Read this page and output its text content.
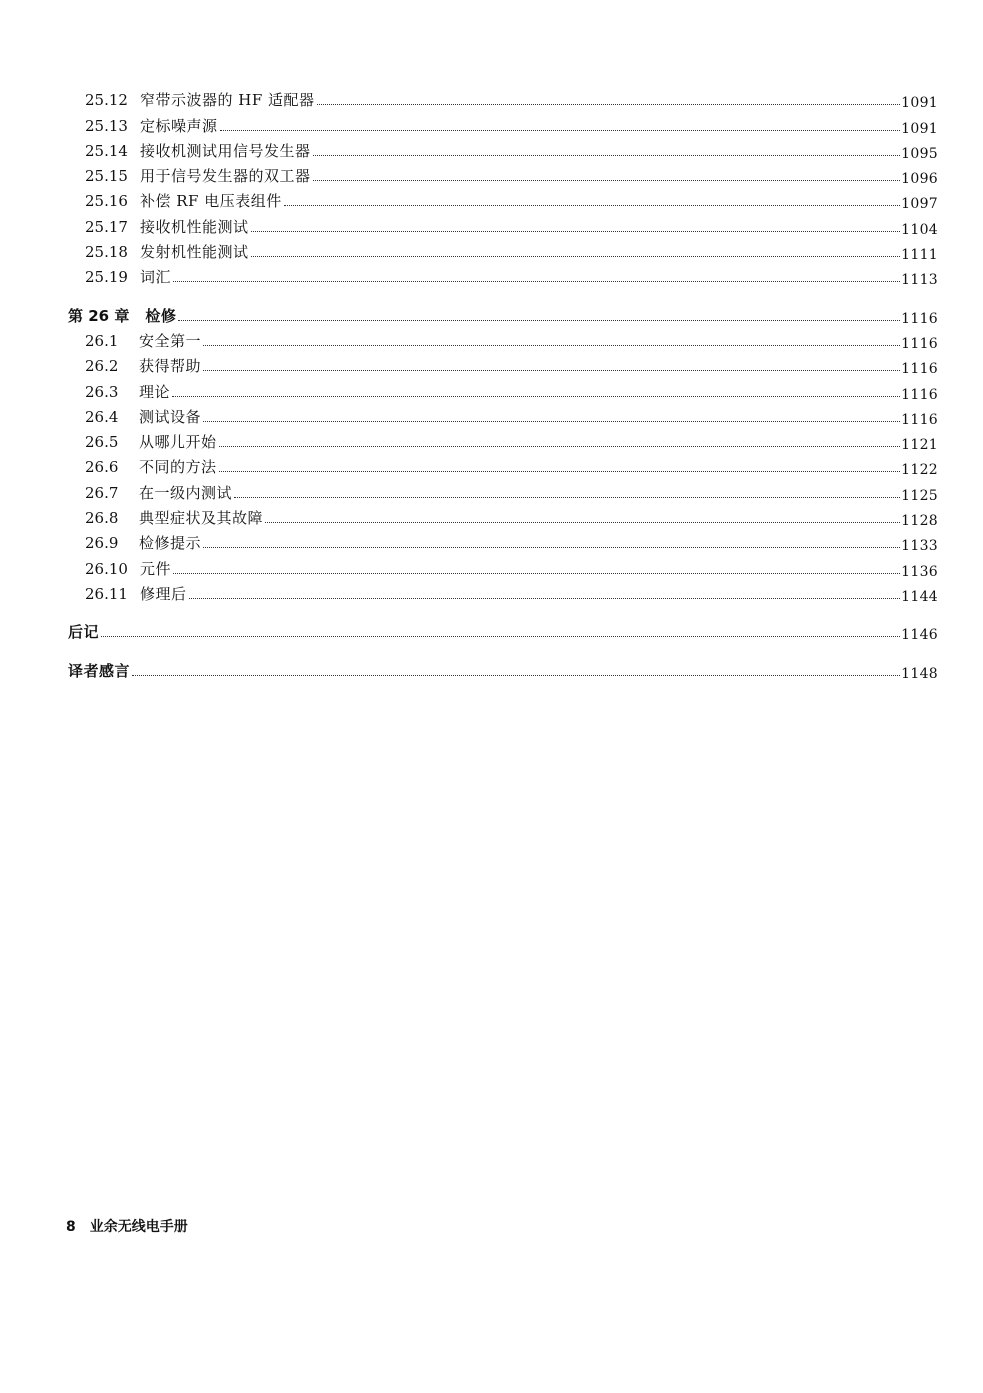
25.12 窄带示波器的 HF 适配器	1091
25.13 定标噪声源	1091
25.14 接收机测试用信号发生器	1095
25.15 用于信号发生器的双工器	1096
25.16 补偿 RF 电压表组件	1097
25.17 接收机性能测试	1104
25.18 发射机性能测试	1111
25.19 词汇	1113
第 26 章 检修	1116
26.1	安全第一	1116
26.2	获得帮助	1116
26.3	理论	1116
26.4	测试设备	1116
26.5	从哪儿开始	1121
26.6	不同的方法	1122
26.7	在一级内测试	1125
26.8	典型症状及其故障	1128
26.9	检修提示	1133
26.10 元件	1136
26.11 修理后	1144
后记	1146
译者感言	1148
8 业余无线电手册
